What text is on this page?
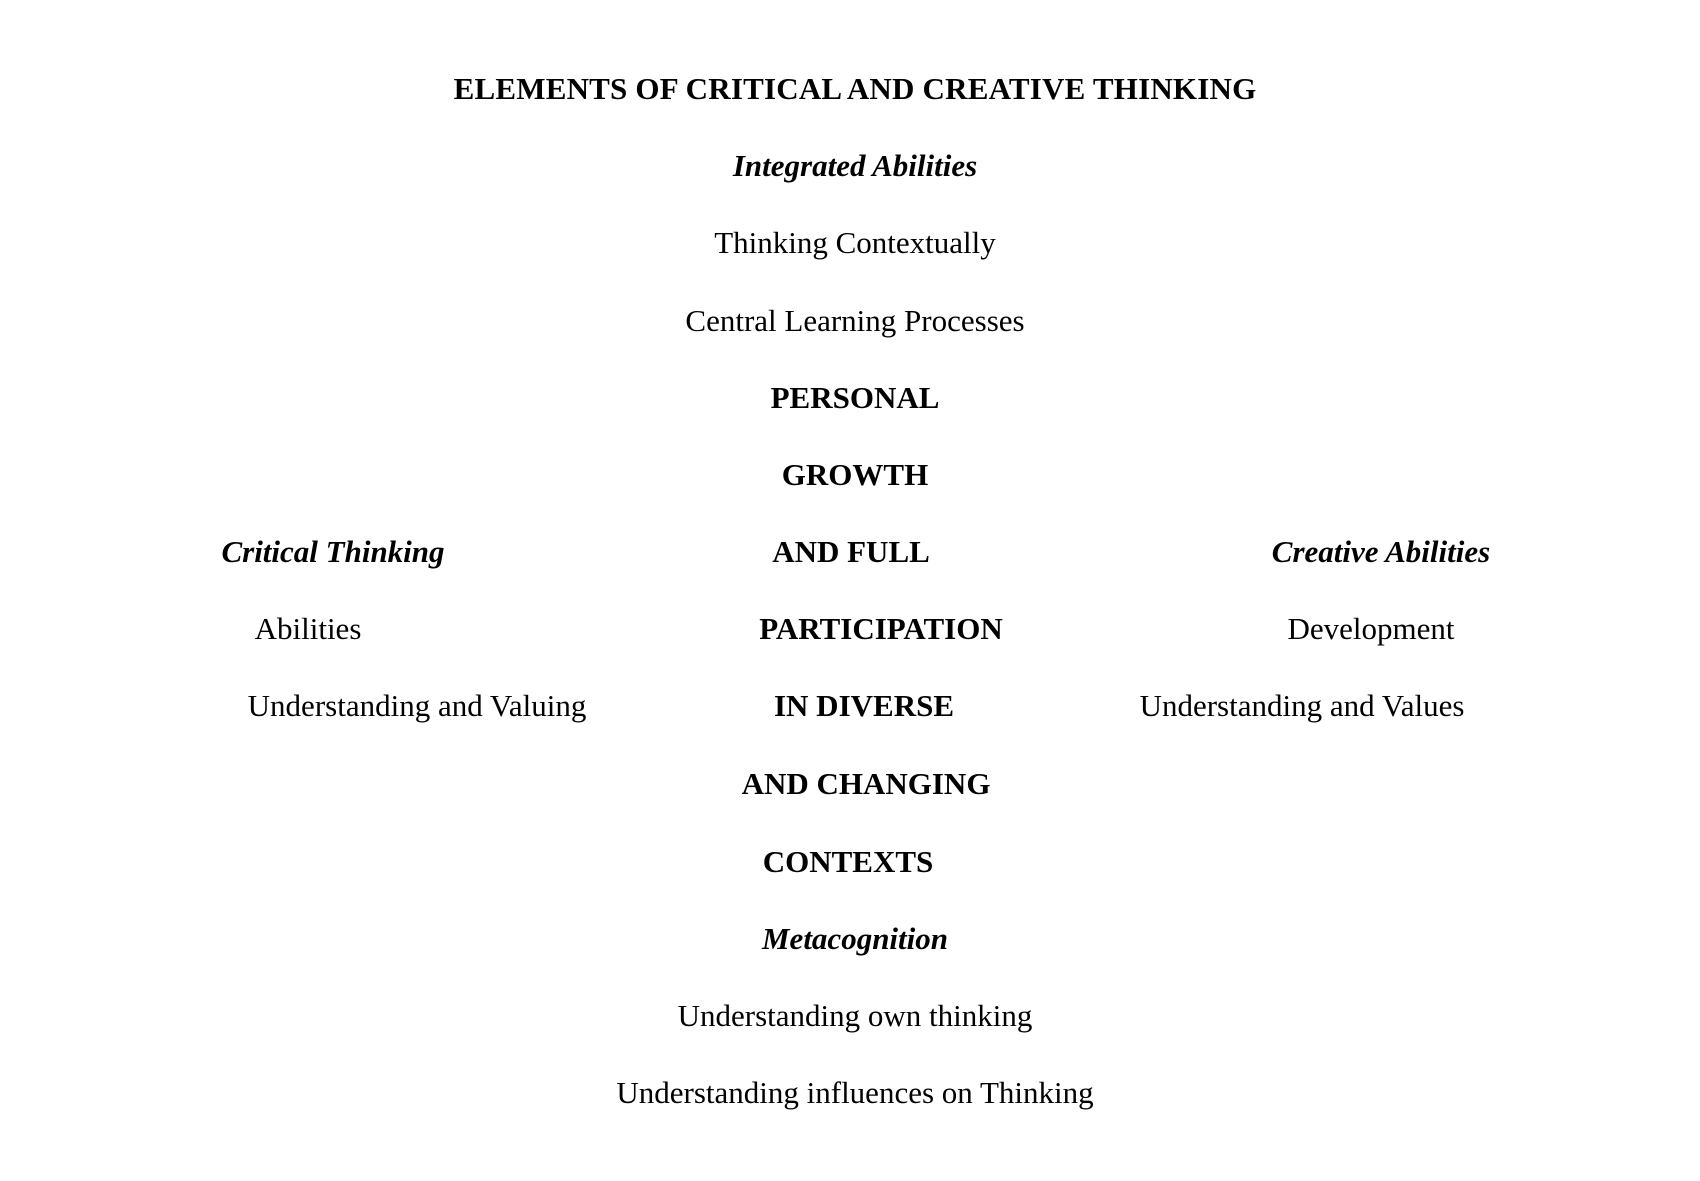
ELEMENTS OF CRITICAL AND CREATIVE THINKING
Integrated Abilities
Thinking Contextually
Central Learning Processes
PERSONAL
GROWTH
AND FULL
PARTICIPATION
IN DIVERSE
AND CHANGING
CONTEXTS
Critical Thinking
Abilities
Understanding and Valuing
Creative Abilities
Development
Understanding and Values
Metacognition
Understanding own thinking
Understanding influences on Thinking
